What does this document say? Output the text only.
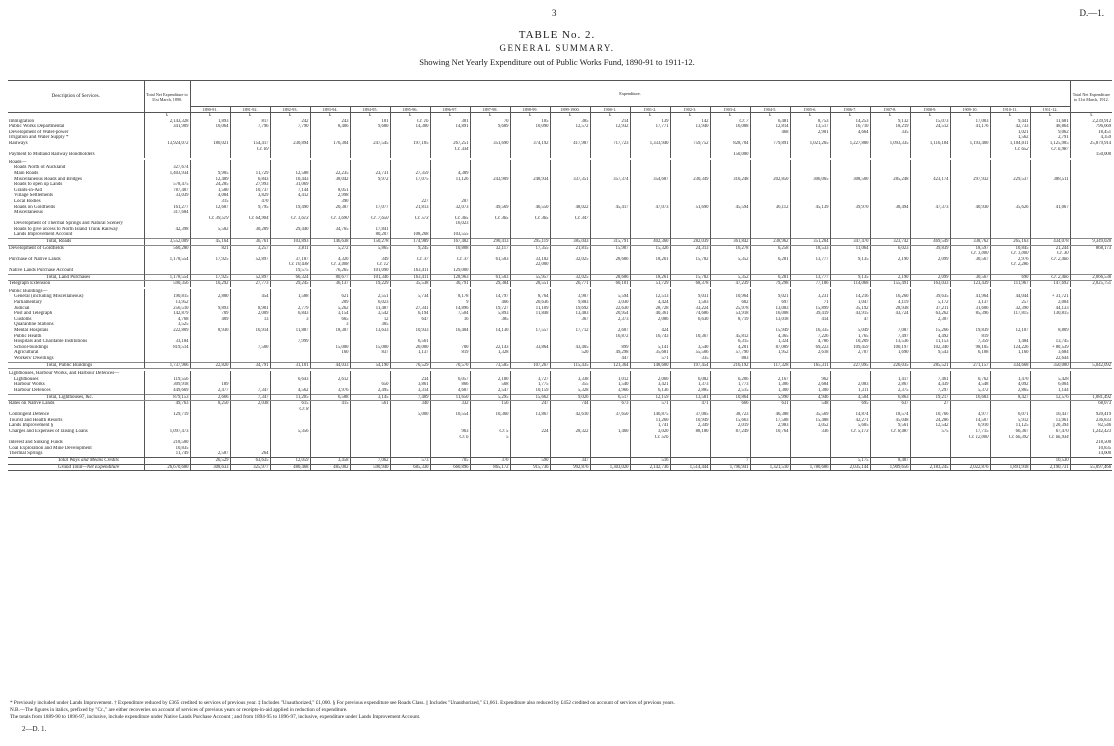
3	D.—1.
TABLE No. 2.
GENERAL SUMMARY.
Showing Net Yearly Expenditure out of Public Works Fund, 1890-91 to 1911-12.
Description of Services.	Total Net Expenditure to 31st March, 1890.	Expenditure.																						Total Net Expenditure to 31st March, 1912.
		1890-91.	1891-92.	1892-93.	1893-94.	1894-95.	1895-96.	1896-97.	1897-98.	1898-99.	1899-1900.	1900-1.	1901-2.	1902-3.	1903-4.	1904-5.	1905-6.	1906-7.	1907-8.	1908-9.	1909-10.	1910-11.	1911-12.	
	£	£	£	£	£	£	£	£	£	£	£	£	£	£	£	£	£	£	£	£	£	£	£	£
Immigration	2,143,328	1,893	817	242	243	101	Cr. 16	301	70	105	385	214	139	142	Cr. 7	6,481	8,753	14,253	9,132	15,073	17,003	9,441	11,681	2,239,912
Public Works Departmental	341,909	10,064	7,796	7,790	8,406	9,680	14,300	14,891	9,689	10,090	12,572	12,932	17,771	13,940	16,088	12,814	13,517	16,710	18,219	24,512	41,176	42,733	48,864	796,669
Development of Water-power																468	2,901	4,664	335			1,021	9,062	18,451
Irrigation and Water Supply *																						1,562	2,791	4,359
Railways	13,924,072	180,021	154,417	230,894	176,304	247,545	197,105	267,251	351,690	374,192	417,987	717,723	1,333,940	759,752	828,704	779,891	1,021,265	1,227,880	1,093,335	1,116,184	1,193,400	1,104,011	1,125,905	25,879,914
			Cr. 69					Cr. 334														Cr. 652	Cr. 6,987	
Payment to Midland Railway Bondholders															150,000									150,000

Roads—																								
Roads North of Auckland	327,674																							
Main Roads	1,403,934	9,905	11,729	12,588	22,235	23,731	27,359	4,389																
Miscellaneous Roads and Bridges		12,489	6,843	10,443	38,042	9,972	17,075	11,126	243,909	248,934	337,351	357,374	354,687	230,349	316,248	202,850	306,065	308,500	285,248	423,174	297,932	229,537	388,511	
Roads to open up Lands	578,475	24,285	27,993	31,069																				
Grants-in-Aid	787,407	1,580	10,737	7,144	8,051																			
Village Settlements	33,039	4,084	3,829	4,412	2,998																			
Local Bodies		315	470		390		227	207																
Roads on Goldfields	161,277	12,687	9,795	19,490	20,387	17,077	21,813	32,073	49,569	46,550	48,022	45,417	47,073	51,690	45,594	36,112	45,139	39,970	38,494	47,373	40,930	35,626	41,067	
Miscellaneous	317,684																							
		Cr. 39,519	Cr. 64,904	Cr. 1,613	Cr. 1,690	Cr. 7,650	Cr. 573	Cr. 365	Cr. 365	Cr. 365	Cr. 347													
Development of Thermal Springs and Natural Scenery								16,023																
Roads to give access to North Island Trunk Railway	42,398	5,582	30,289	29,440	34,765	17,841																		
Lands Improvement Account						80,207	108,268	103,555																
Total, Roads	3,552,009	45,164	36,761	103,893	146,638	150,278	174,989	167,482	290,413	295,119	385,043	315,791	402,360	282,039	361,842	238,962	351,204	347,470	323,742	469,549	338,762	265,163	434,078	9,349,020
Development of Goldfields	560,280	821	3,257	3,811	5,272	5,865	9,245	10,808	32,117	17,355	21,815	15,907	15,326	24,313	16,278	6,258	18,533	11,064	6,023	39,839	18,597	10,845	21,244	868,173
																					Cr. 1,000	Cr. 1,000	Cr. 30	
Purchase of Native Lands	1,178,554	17,925	52,897	37,187	4,320	349	Cr. 37	Cr. 37	61,503	33,182	32,025	28,686	18,261	15,782	5,352	6,281	13,777	9,135	2,190	2,099	30,567	2,976	Cr. 2,466	
				Cr. 10,438	Cr. 3,408	Cr. 12				22,000												Cr. 2,286		
Native Lands Purchase Account				19,575	76,265	101,090	163,411	129,000																
Total, Land Purchases	1,178,554	17,925	52,897	66,324	80,677	101,346	163,411	128,963	61,503	55,957	32,025	28,686	18,261	15,782	5,352	6,281	13,777	9,135	2,190	2,099	30,567	690	Cr. 2,466	2,066,538
Telegraph Extension	590,356	16,292	27,773	29,245	36,137	19,229	35,538	36,791	29,384	28,551	26,771	60,101	51,729	68,378	47,239	79,298	77,186	114,068	155,491	163,033	123,439	111,967	147,692	2,025,751

Public Buildings—																								
General (including Miscellaneous)	190,815	2,880	454	1,588	621	2,551	5,734	8,178	14,797	8,764	3,907	5,594	12,513	9,031	10,964	9,021	3,231	14,216	16,260	39,635	41,964	44,044	+ 31,721	
Parliamentary	13,952				209	6,023		9	466	20,636	9,883	3,030	4,424	1,503	602	697	71	1,047	4,119	5,172	3,137	257	2,004	
Judicial	256,510	9,893	8,901	2,779	5,262	11,487	27,341	14,896	19,727	11,109	19,692	22,630	28,728	33,224	25,978	13,083	15,899	35,192	28,938	37,211	31,606	32,390	44,133	
Post and Telegraph	142,879	709	2,009	6,843	3,154	3,542	6,194	7,504	5,893	11,848	13,483	20,954	40,361	74,686	53,918	16,008	39,419	43,915	43,724	63,262	85,396	117,815	130,815	
Customs	4,768	409	13	3	665	12	647	16	385		367	2,373	2,086	6,630	8,719	13,018	414	47		2,307				
Quarantine Stations	3,525				3	305																		
Mental Hospitals	222,809	8,930	16,914	11,887	18,307	13,633	10,933	16,404	14,130	17,557	17,712	2,607	424			15,949	16,335	5,049	7,087	15,266	19,839	12,107	8,809	
Public Health												16,872	16,743	10,367	45,812	4,365	7,226	1,765	7,497	4,492	819			
Hospitals and Charitable Institutions	33,184			7,999			6,561								6,315	1,324	4,786	10,209	13,536	11,153	7,359	1,484	13,745	
School-buildings	819,514		7,500		15,000	15,000	20,000	700	22,143	33,864	43,405	899	5,141	3,540	4,201	87,089	69,223	109,459	100,197	102,340	98,105	124,226	+ 80,539	
Agricultural					160	837	1,137	819	1,328		520	49,298	35,681	55,506	57,790	1,952	2,618	2,707	1,690	9,543	6,108	1,160	3,684	
Workers' Dwellings												447	571	335	883								22,644	
Total, Public Buildings	1,737,966	22,820	34,791	31,101	44,033	54,190	76,529	70,570	73,585	107,267	115,435	121,364	148,600	197,454	216,192	117,328	165,311	227,095	226,035	285,521	271,157	334,668	350,000	5,042,092

Lighthouses, Harbour Works, and Harbour Defences—																								
Lighthouses	119,556			6,643	2,612		234	6,057	2,180	3,727	3,338	1,012	2,060	6,082	6,206	2,167	962		1,417	7,461	6,762	1,470	5,428	
Harbour Works	309,918	189				650	3,861	866	568	1,775	355	1,540	3,421	1,373	1,773	1,306	2,684	2,083	2,867	4,439	4,548	4,092	6,004	
Harbour Defences	449,669	2,477	7,347	4,562	3,976	2,495	3,314	4,687	2,547	10,159	5,328	3,966	6,136	2,885	2,515	1,300	1,300	1,311	2,375	7,297	5,372	2,865	1,144	
Total, Lighthouses, &c.	879,153	2,666	7,347	11,205	6,588	3,145	7,409	11,650	5,295	15,662	9,026	6,517	12,159	13,581	10,864	5,990	4,946	4,504	6,863	19,217	16,683	8,427	12,576	1,081,492
Rates on Native Lands	49,763	8,250	2,038	615	415	561	340	332	156	247	744	673	571	471	666	631	548	695	637	27				68,073
				Cr. 8																				
Contingent Defence	129,719						5,000	10,554	10,360	13,867	42,610	37,650	146,875	37,005	38,723	46,388	35,569	14,874	18,574	10,766	4,977	6,071	10,437	920,419
Tourist and Health Resorts													11,260	10,949	15,663	17,508	15,488	42,271	45,048	24,286	14,507	5,912	13,961	236,833
Lands Improvement §													1,741	2,349	2,019	2,983	3,052	5,605	9,561	12,542	6,910	11,125	|| 20,394	82,546
Charges and Expenses of raising Loans	1,097,473			5,356				963	Cr. 5	224	28,322	1,460	3,020	88,180	87,249	10,764	336	Cr. 5,173	Cr. 8,487	575	17,715	66,367	67,470	1,242,423
								Cr. 6	5				Cr. 516								Cr. 12,000	Cr. 66,392	Cr. 66,934	
Interest and Sinking Funds	218,500																							218,500
Coal Exploration and Mine Development	10,835																							10,835
Thermal Springs	11,749	2,587	264																					14,600
Total Ways and Means Credits		26,529	63,635	12,059	3,458	7,062	573	705	370	590	347		516		7			5,175	8,487				10,530	
Grand Total—Net Expenditure	26,670,680	308,633	325,977	480,468	485,002	590,940	685,330	660,896	865,172	915,736	992,876	1,303,020	2,142,736	1,514,444	1,796,941	1,321,510	1,780,686	2,035,144	1,909,656	2,183,245	2,022,876	1,891,918	2,190,731	55,097,466
* Previously included under Lands Improvement. † Expenditure reduced by £365 credited to services of previous year. ‡ Includes "Unauthorized," £1,000. § For previous expenditure see Roads Class. || Includes "Unauthorized," £1,661. Expenditure also reduced by £452 credited on account of services of previous years.
N.B.—The figures in italics, prefixed by "Cr.," are either recoveries on account of services of previous years or receipts-in-aid applied in reduction of expenditure.
The totals from 1889-90 to 1896-97, inclusive, include expenditure under Native Lands Purchase Account ; and from 1894-95 to 1896-97, inclusive, expenditure under Lands Improvement Account.
2—D. 1.
